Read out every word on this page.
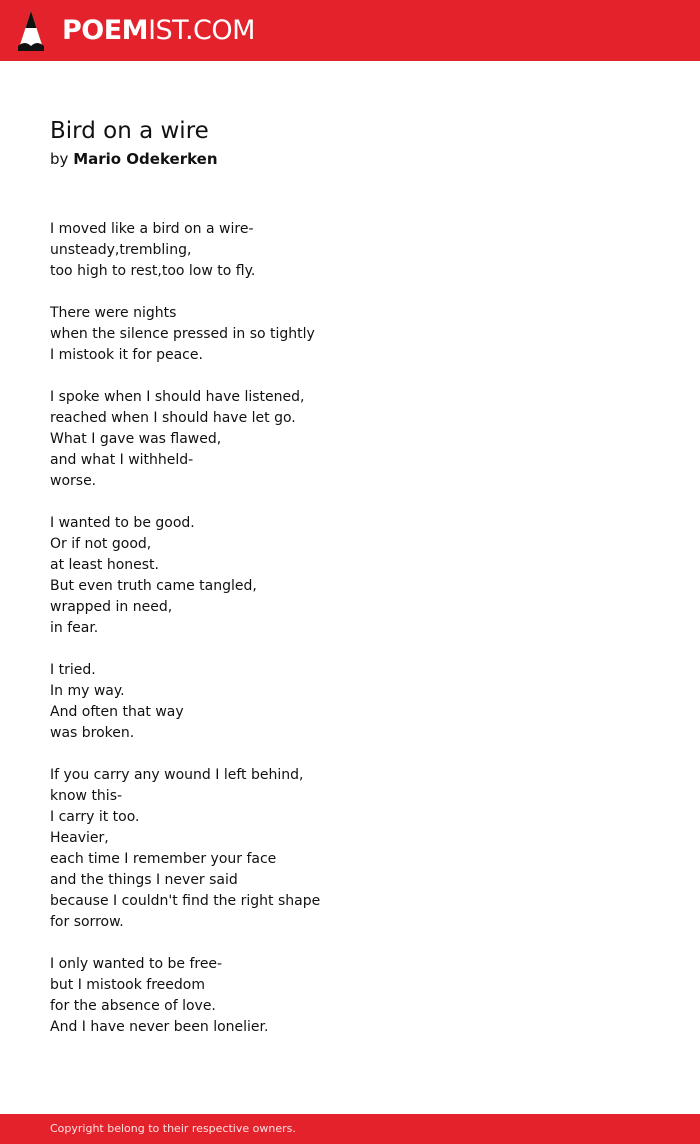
POEMIST.COM
Bird on a wire
by Mario Odekerken
I moved like a bird on a wire-
unsteady,trembling,
too high to rest,too low to fly.
There were nights
when the silence pressed in so tightly
I mistook it for peace.
I spoke when I should have listened,
reached when I should have let go.
What I gave was flawed,
and what I withheld-
worse.
I wanted to be good.
Or if not good,
at least honest.
But even truth came tangled,
wrapped in need,
in fear.
I tried.
In my way.
And often that way
was broken.
If you carry any wound I left behind,
know this-
I carry it too.
Heavier,
each time I remember your face
and the things I never said
because I couldn't find the right shape
for sorrow.
I only wanted to be free-
but I mistook freedom
for the absence of love.
And I have never been lonelier.
Copyright belong to their respective owners.
